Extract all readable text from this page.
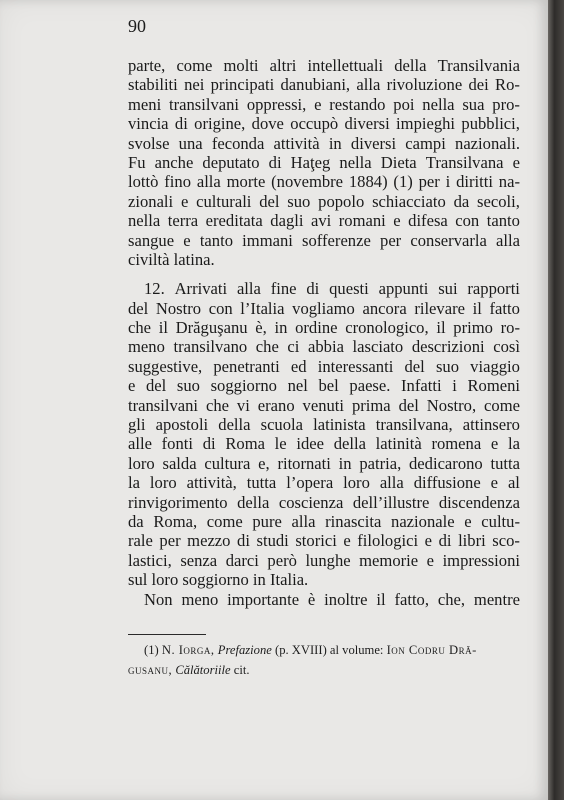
90
parte, come molti altri intellettuali della Transilvania
stabiliti nei principati danubiani, alla rivoluzione dei Ro-
meni transilvani oppressi, e restando poi nella sua pro-
vincia di origine, dove occupò diversi impieghi pubblici,
svolse una feconda attività in diversi campi nazionali.
Fu anche deputato di Haţeg nella Dieta Transilvana e
lottò fino alla morte (novembre 1884) (1) per i diritti na-
zionali e culturali del suo popolo schiacciato da secoli,
nella terra ereditata dagli avi romani e difesa con tanto
sangue e tanto immani sofferenze per conservarla alla
civiltà latina.
12. Arrivati alla fine di questi appunti sui rapporti
del Nostro con l’Italia vogliamo ancora rilevare il fatto
che il Drăguşanu è, in ordine cronologico, il primo ro-
meno transilvano che ci abbia lasciato descrizioni così
suggestive, penetranti ed interessanti del suo viaggio
e del suo soggiorno nel bel paese. Infatti i Romeni
transilvani che vi erano venuti prima del Nostro, come
gli apostoli della scuola latinista transilvana, attinsero
alle fonti di Roma le idee della latinità romena e la
loro salda cultura e, ritornati in patria, dedicarono tutta
la loro attività, tutta l’opera loro alla diffusione e al
rinvigorimento della coscienza dell’illustre discendenza
da Roma, come pure alla rinascita nazionale e cultu-
rale per mezzo di studi storici e filologici e di libri sco-
lastici, senza darci però lunghe memorie e impressioni
sul loro soggiorno in Italia.
Non meno importante è inoltre il fatto, che, mentre
(1) N. Iorga, Prefazione (p. XVIII) al volume: Ion Codru Dră-
gusanu, Călătoriile cit.
